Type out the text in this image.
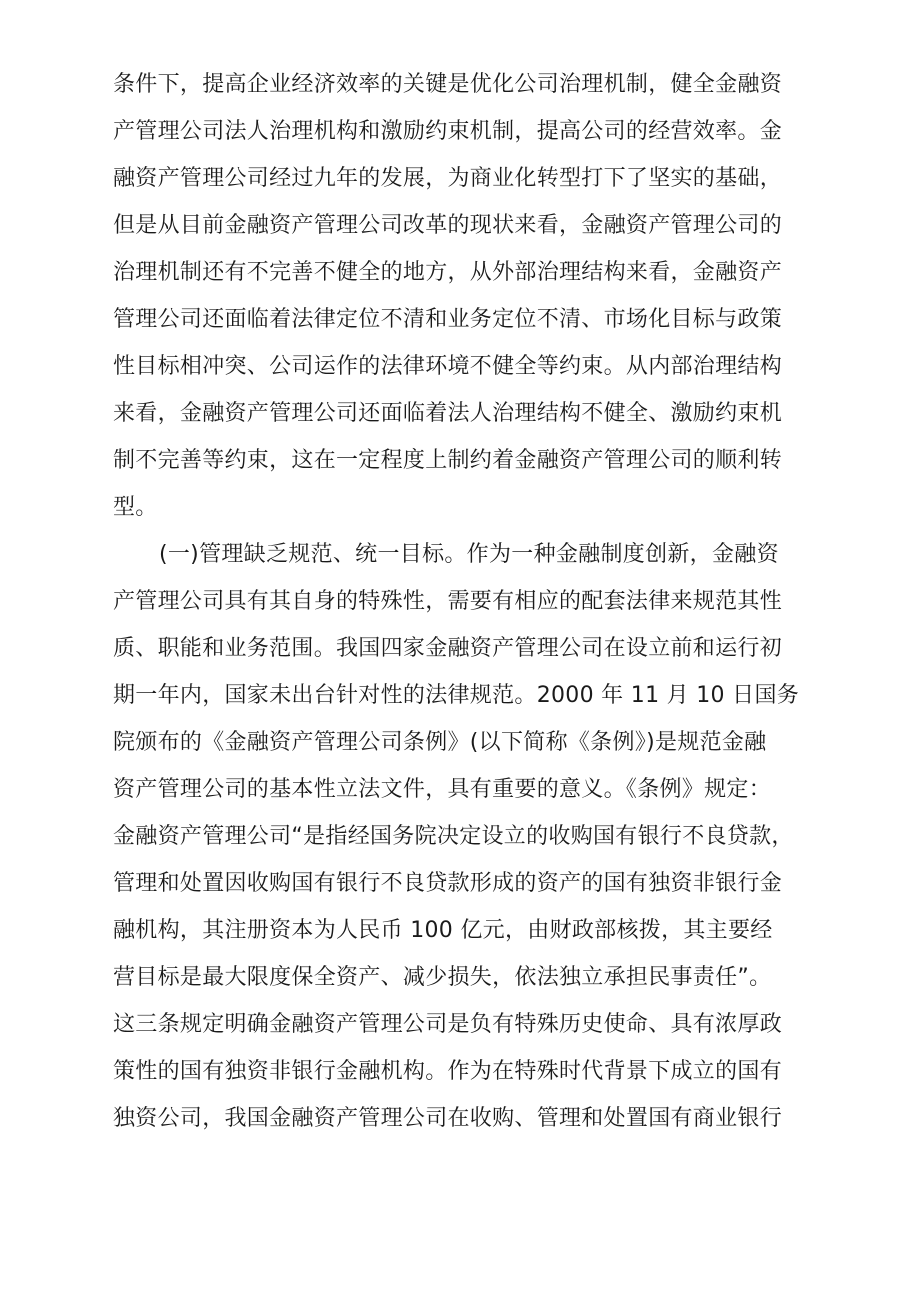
条件下，提高企业经济效率的关键是优化公司治理机制，健全金融资
产管理公司法人治理机构和激励约束机制，提高公司的经营效率。金
融资产管理公司经过九年的发展，为商业化转型打下了坚实的基础，
但是从目前金融资产管理公司改革的现状来看，金融资产管理公司的
治理机制还有不完善不健全的地方，从外部治理结构来看，金融资产
管理公司还面临着法律定位不清和业务定位不清、市场化目标与政策
性目标相冲突、公司运作的法律环境不健全等约束。从内部治理结构
来看，金融资产管理公司还面临着法人治理结构不健全、激励约束机
制不完善等约束，这在一定程度上制约着金融资产管理公司的顺利转
型。
(一)管理缺乏规范、统一目标。作为一种金融制度创新，金融资
产管理公司具有其自身的特殊性，需要有相应的配套法律来规范其性
质、职能和业务范围。我国四家金融资产管理公司在设立前和运行初
期一年内，国家未出台针对性的法律规范。2000 年 11 月 10 日国务
院颁布的《金融资产管理公司条例》(以下简称《条例》)是规范金融
资产管理公司的基本性立法文件，具有重要的意义。《条例》规定：
金融资产管理公司“是指经国务院决定设立的收购国有银行不良贷款，
管理和处置因收购国有银行不良贷款形成的资产的国有独资非银行金
融机构，其注册资本为人民币 100 亿元，由财政部核拨，其主要经
营目标是最大限度保全资产、减少损失，依法独立承担民事责任”。
这三条规定明确金融资产管理公司是负有特殊历史使命、具有浓厚政
策性的国有独资非银行金融机构。作为在特殊时代背景下成立的国有
独资公司，我国金融资产管理公司在收购、管理和处置国有商业银行
